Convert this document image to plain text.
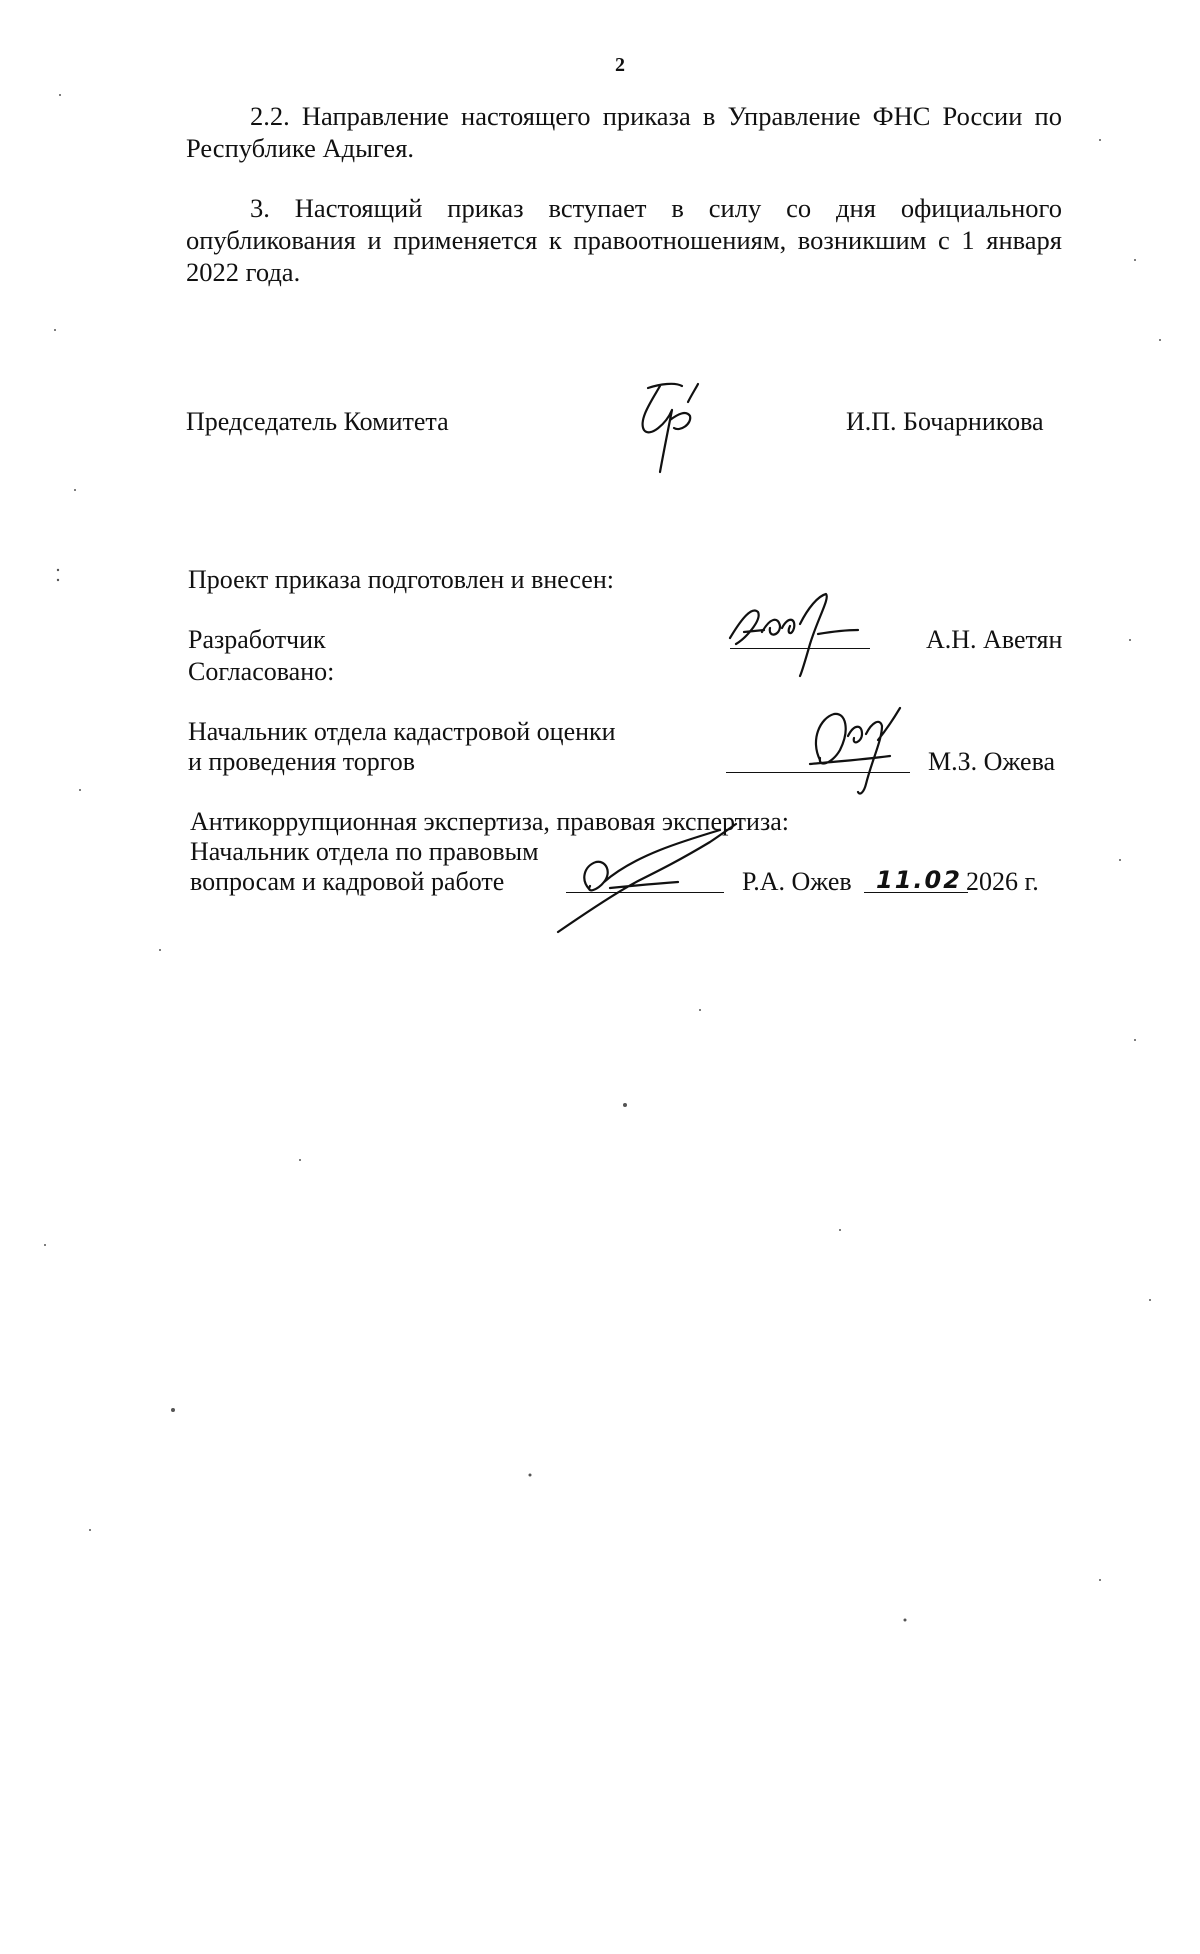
2
2.2. Направление настоящего приказа в Управление ФНС России по Республике Адыгея.
3. Настоящий приказ вступает в силу со дня официального опубликования и применяется к правоотношениям, возникшим с 1 января 2022 года.
Председатель Комитета	И.П. Бочарникова
Проект приказа подготовлен и внесен:
Разработчик	А.Н. Аветян
Согласовано:
Начальник отдела кадастровой оценки
и проведения торгов	М.З. Ожева
Антикоррупционная экспертиза, правовая экспертиза:
Начальник отдела по правовым
вопросам и кадровой работе	Р.А. Ожев 11.02 2026 г.
